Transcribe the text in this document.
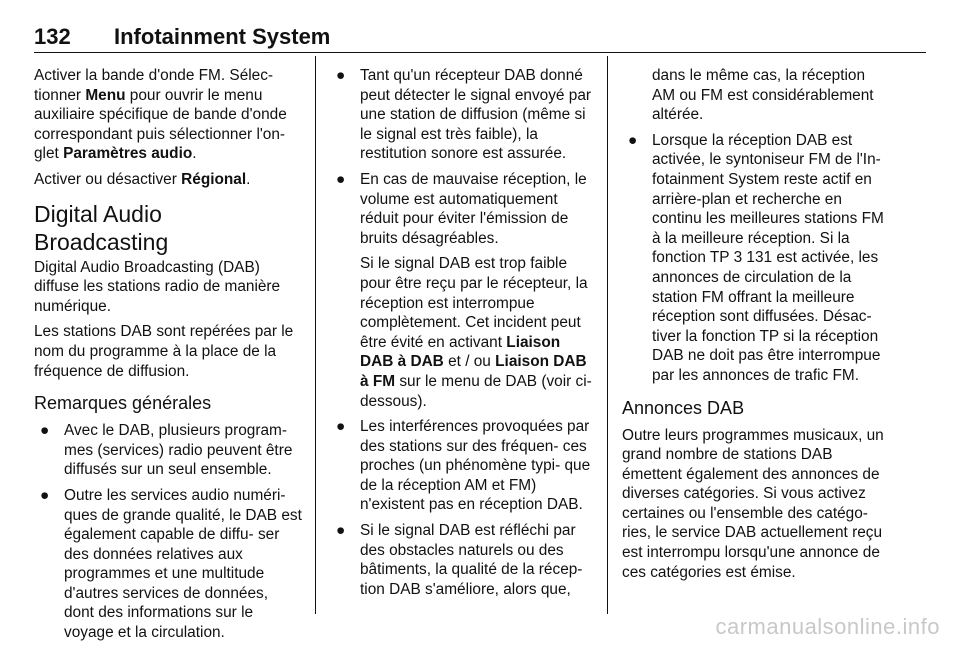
132 Infotainment System

Activer la bande d'onde FM. Sélec‐ tionner Menu pour ouvrir le menu auxiliaire spécifique de bande d'onde correspondant puis sélectionner l'on‐ glet Paramètres audio.

Activer ou désactiver Régional.

Digital Audio Broadcasting

Digital Audio Broadcasting (DAB) diffuse les stations radio de manière numérique.

Les stations DAB sont repérées par le nom du programme à la place de la fréquence de diffusion.

Remarques générales
● Avec le DAB, plusieurs program‐ mes (services) radio peuvent être diffusés sur un seul ensemble.
● Outre les services audio numéri‐ ques de grande qualité, le DAB est également capable de diffu‐ ser des données relatives aux programmes et une multitude d'autres services de données, dont des informations sur le voyage et la circulation.
● Tant qu'un récepteur DAB donné peut détecter le signal envoyé par une station de diffusion (même si le signal est très faible), la restitution sonore est assurée.
● En cas de mauvaise réception, le volume est automatiquement réduit pour éviter l'émission de bruits désagréables.

Si le signal DAB est trop faible pour être reçu par le récepteur, la réception est interrompue complètement. Cet incident peut être évité en activant Liaison DAB à DAB et / ou Liaison DAB à FM sur le menu de DAB (voir ci- dessous).

● Les interférences provoquées par des stations sur des fréquen‐ ces proches (un phénomène typi‐ que de la réception AM et FM) n'existent pas en réception DAB.
● Si le signal DAB est réfléchi par des obstacles naturels ou des bâtiments, la qualité de la récep‐ tion DAB s'améliore, alors que,

dans le même cas, la réception AM ou FM est considérablement altérée.

● Lorsque la réception DAB est activée, le syntoniseur FM de l'In‐ fotainment System reste actif en arrière-plan et recherche en continu les meilleures stations FM à la meilleure réception. Si la fonction TP 3 131 est activée, les annonces de circulation de la station FM offrant la meilleure réception sont diffusées. Désac‐ tiver la fonction TP si la réception DAB ne doit pas être interrompue par les annonces de trafic FM.
Annonces DAB

Outre leurs programmes musicaux, un grand nombre de stations DAB émettent également des annonces de diverses catégories. Si vous activez certaines ou l'ensemble des catégo‐ ries, le service DAB actuellement reçu est interrompu lorsqu'une annonce de ces catégories est émise.

carmanualsonline.info
